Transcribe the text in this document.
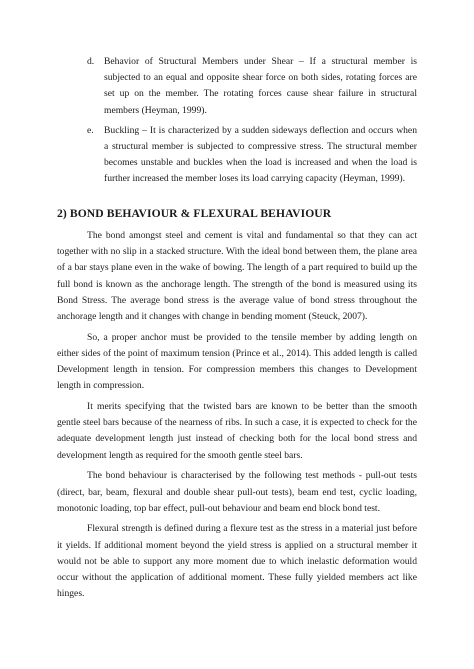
d. Behavior of Structural Members under Shear – If a structural member is subjected to an equal and opposite shear force on both sides, rotating forces are set up on the member. The rotating forces cause shear failure in structural members (Heyman, 1999).
e. Buckling – It is characterized by a sudden sideways deflection and occurs when a structural member is subjected to compressive stress. The structural member becomes unstable and buckles when the load is increased and when the load is further increased the member loses its load carrying capacity (Heyman, 1999).
2) BOND BEHAVIOUR & FLEXURAL BEHAVIOUR

The bond amongst steel and cement is vital and fundamental so that they can act together with no slip in a stacked structure. With the ideal bond between them, the plane area of a bar stays plane even in the wake of bowing. The length of a part required to build up the full bond is known as the anchorage length. The strength of the bond is measured using its Bond Stress. The average bond stress is the average value of bond stress throughout the anchorage length and it changes with change in bending moment (Steuck, 2007).

So, a proper anchor must be provided to the tensile member by adding length on either sides of the point of maximum tension (Prince et al., 2014). This added length is called Development length in tension. For compression members this changes to Development length in compression.

It merits specifying that the twisted bars are known to be better than the smooth gentle steel bars because of the nearness of ribs. In such a case, it is expected to check for the adequate development length just instead of checking both for the local bond stress and development length as required for the smooth gentle steel bars.

The bond behaviour is characterised by the following test methods - pull-out tests (direct, bar, beam, flexural and double shear pull-out tests), beam end test, cyclic loading, monotonic loading, top bar effect, pull-out behaviour and beam end block bond test.

Flexural strength is defined during a flexure test as the stress in a material just before it yields. If additional moment beyond the yield stress is applied on a structural member it would not be able to support any more moment due to which inelastic deformation would occur without the application of additional moment. These fully yielded members act like hinges.
